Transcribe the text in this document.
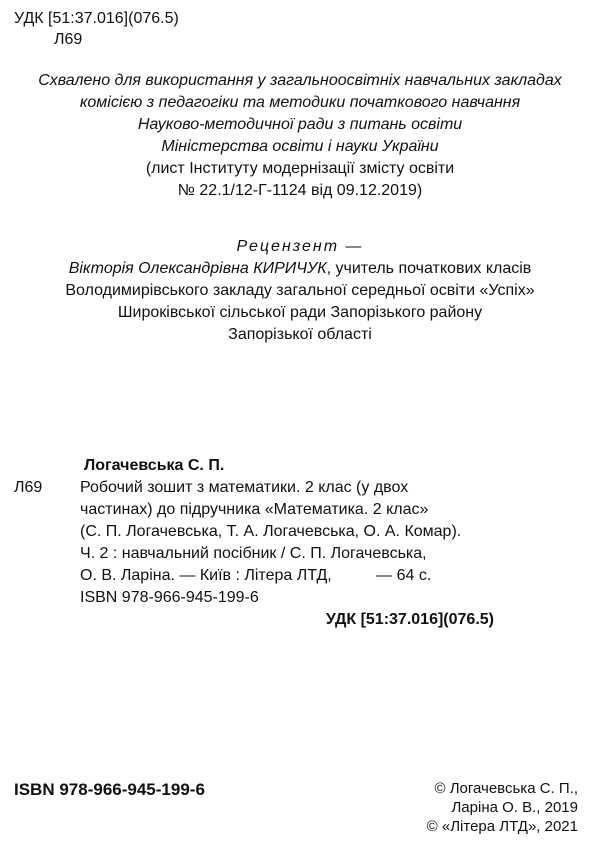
УДК [51:37.016](076.5)
Л69
Схвалено для використання у загальноосвітніх навчальних закладах
комісією з педагогіки та методики початкового навчання
Науково-методичної ради з питань освіти
Міністерства освіти і науки України
(лист Інституту модернізації змісту освіти
№ 22.1/12-Г-1124 від 09.12.2019)
Рецензент —
Вікторія Олександрівна КИРИЧУК, учитель початкових класів
Володимирівського закладу загальної середньої освіти «Успіх»
Широківської сільської ради Запорізького району
Запорізької області
Логачевська С. П.
Л69	Робочий зошит з математики. 2 клас (у двох
частинах) до підручника «Математика. 2 клас»
(С. П. Логачевська, Т. А. Логачевська, О. А. Комар).
Ч. 2 : навчальний посібник / С. П. Логачевська,
О. В. Ларіна. — Київ : Літера ЛТД,          — 64 с.
ISBN 978-966-945-199-6
УДК [51:37.016](076.5)
ISBN 978-966-945-199-6	© Логачевська С. П.,
Ларіна О. В., 2019
© «Літера ЛТД», 2021
